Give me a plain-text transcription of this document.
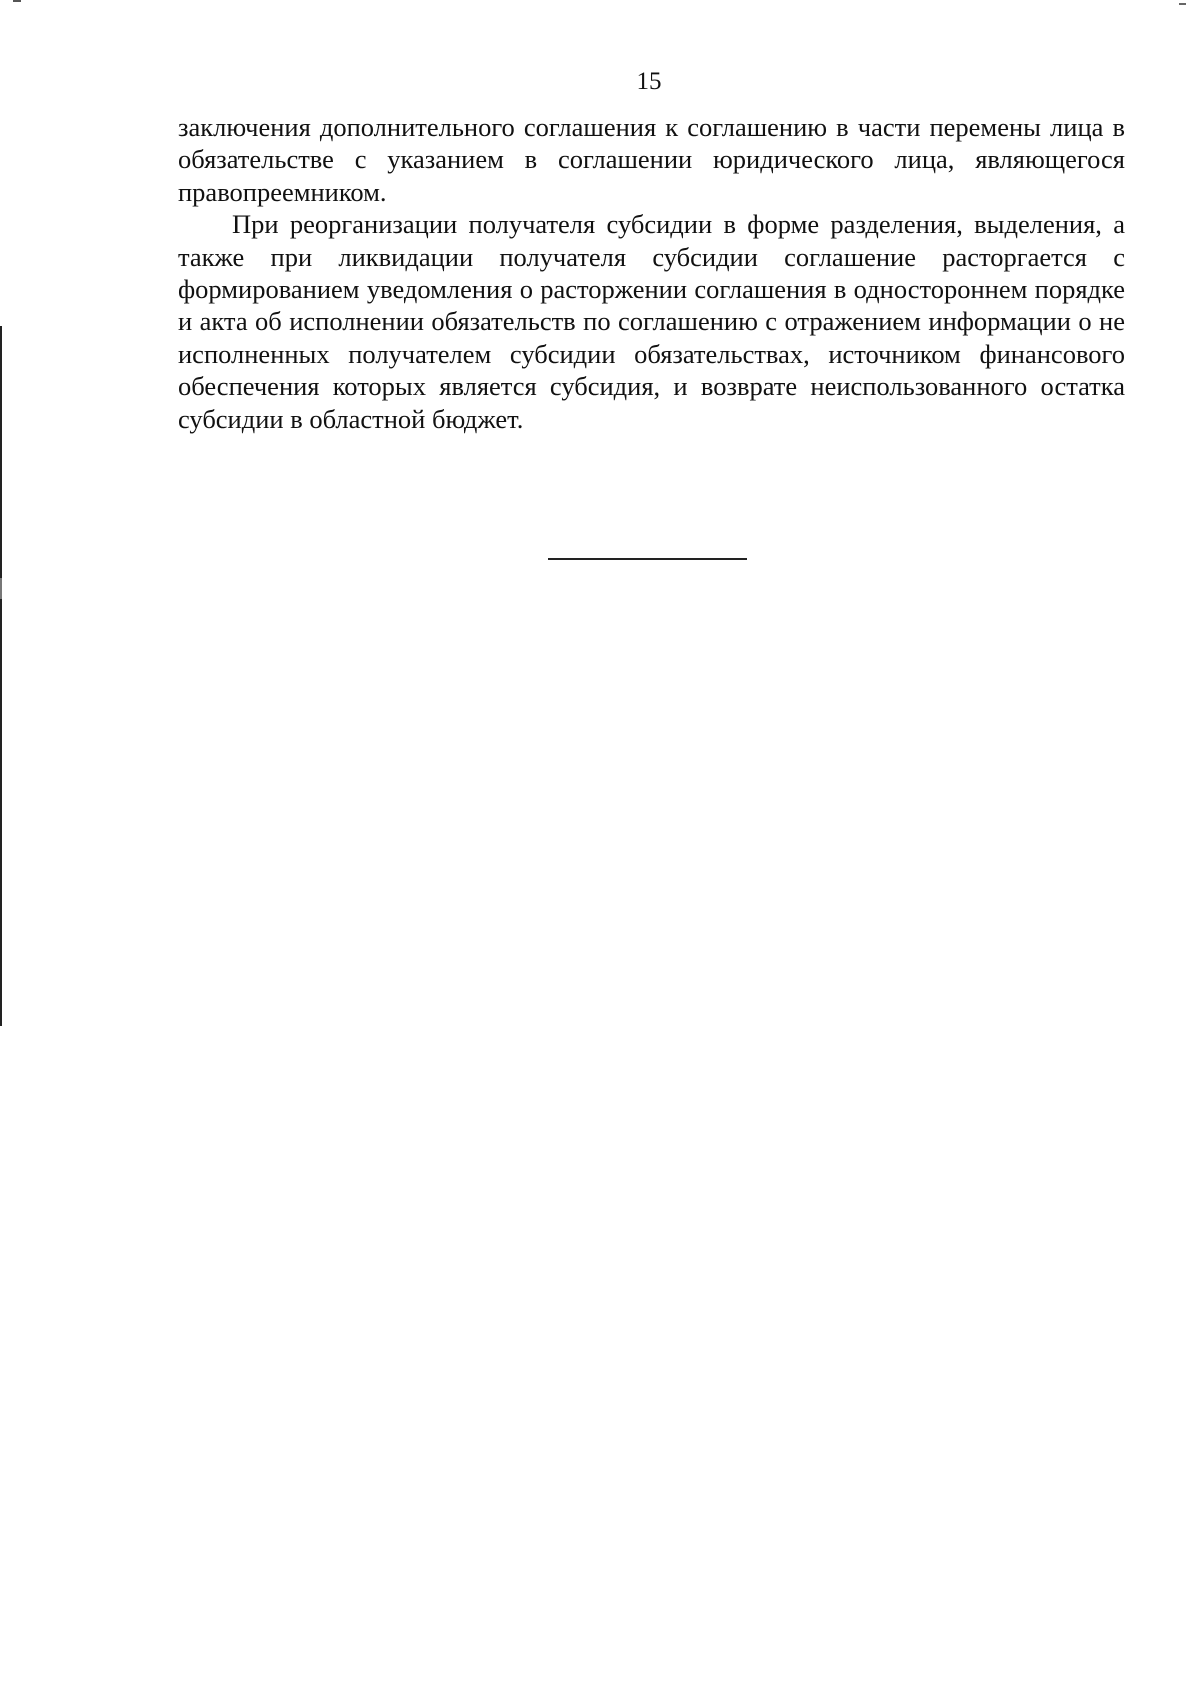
15

заключения дополнительного соглашения к соглашению в части перемены лица в обязательстве с указанием в соглашении юридического лица, являющегося правопреемником.

При реорганизации получателя субсидии в форме разделения, выделения, а также при ликвидации получателя субсидии соглашение расторгается с формированием уведомления о расторжении соглашения в одностороннем порядке и акта об исполнении обязательств по соглашению с отражением информации о не исполненных получателем субсидии обязательствах, источником финансового обеспечения которых является субсидия, и возврате неиспользованного остатка субсидии в областной бюджет.
